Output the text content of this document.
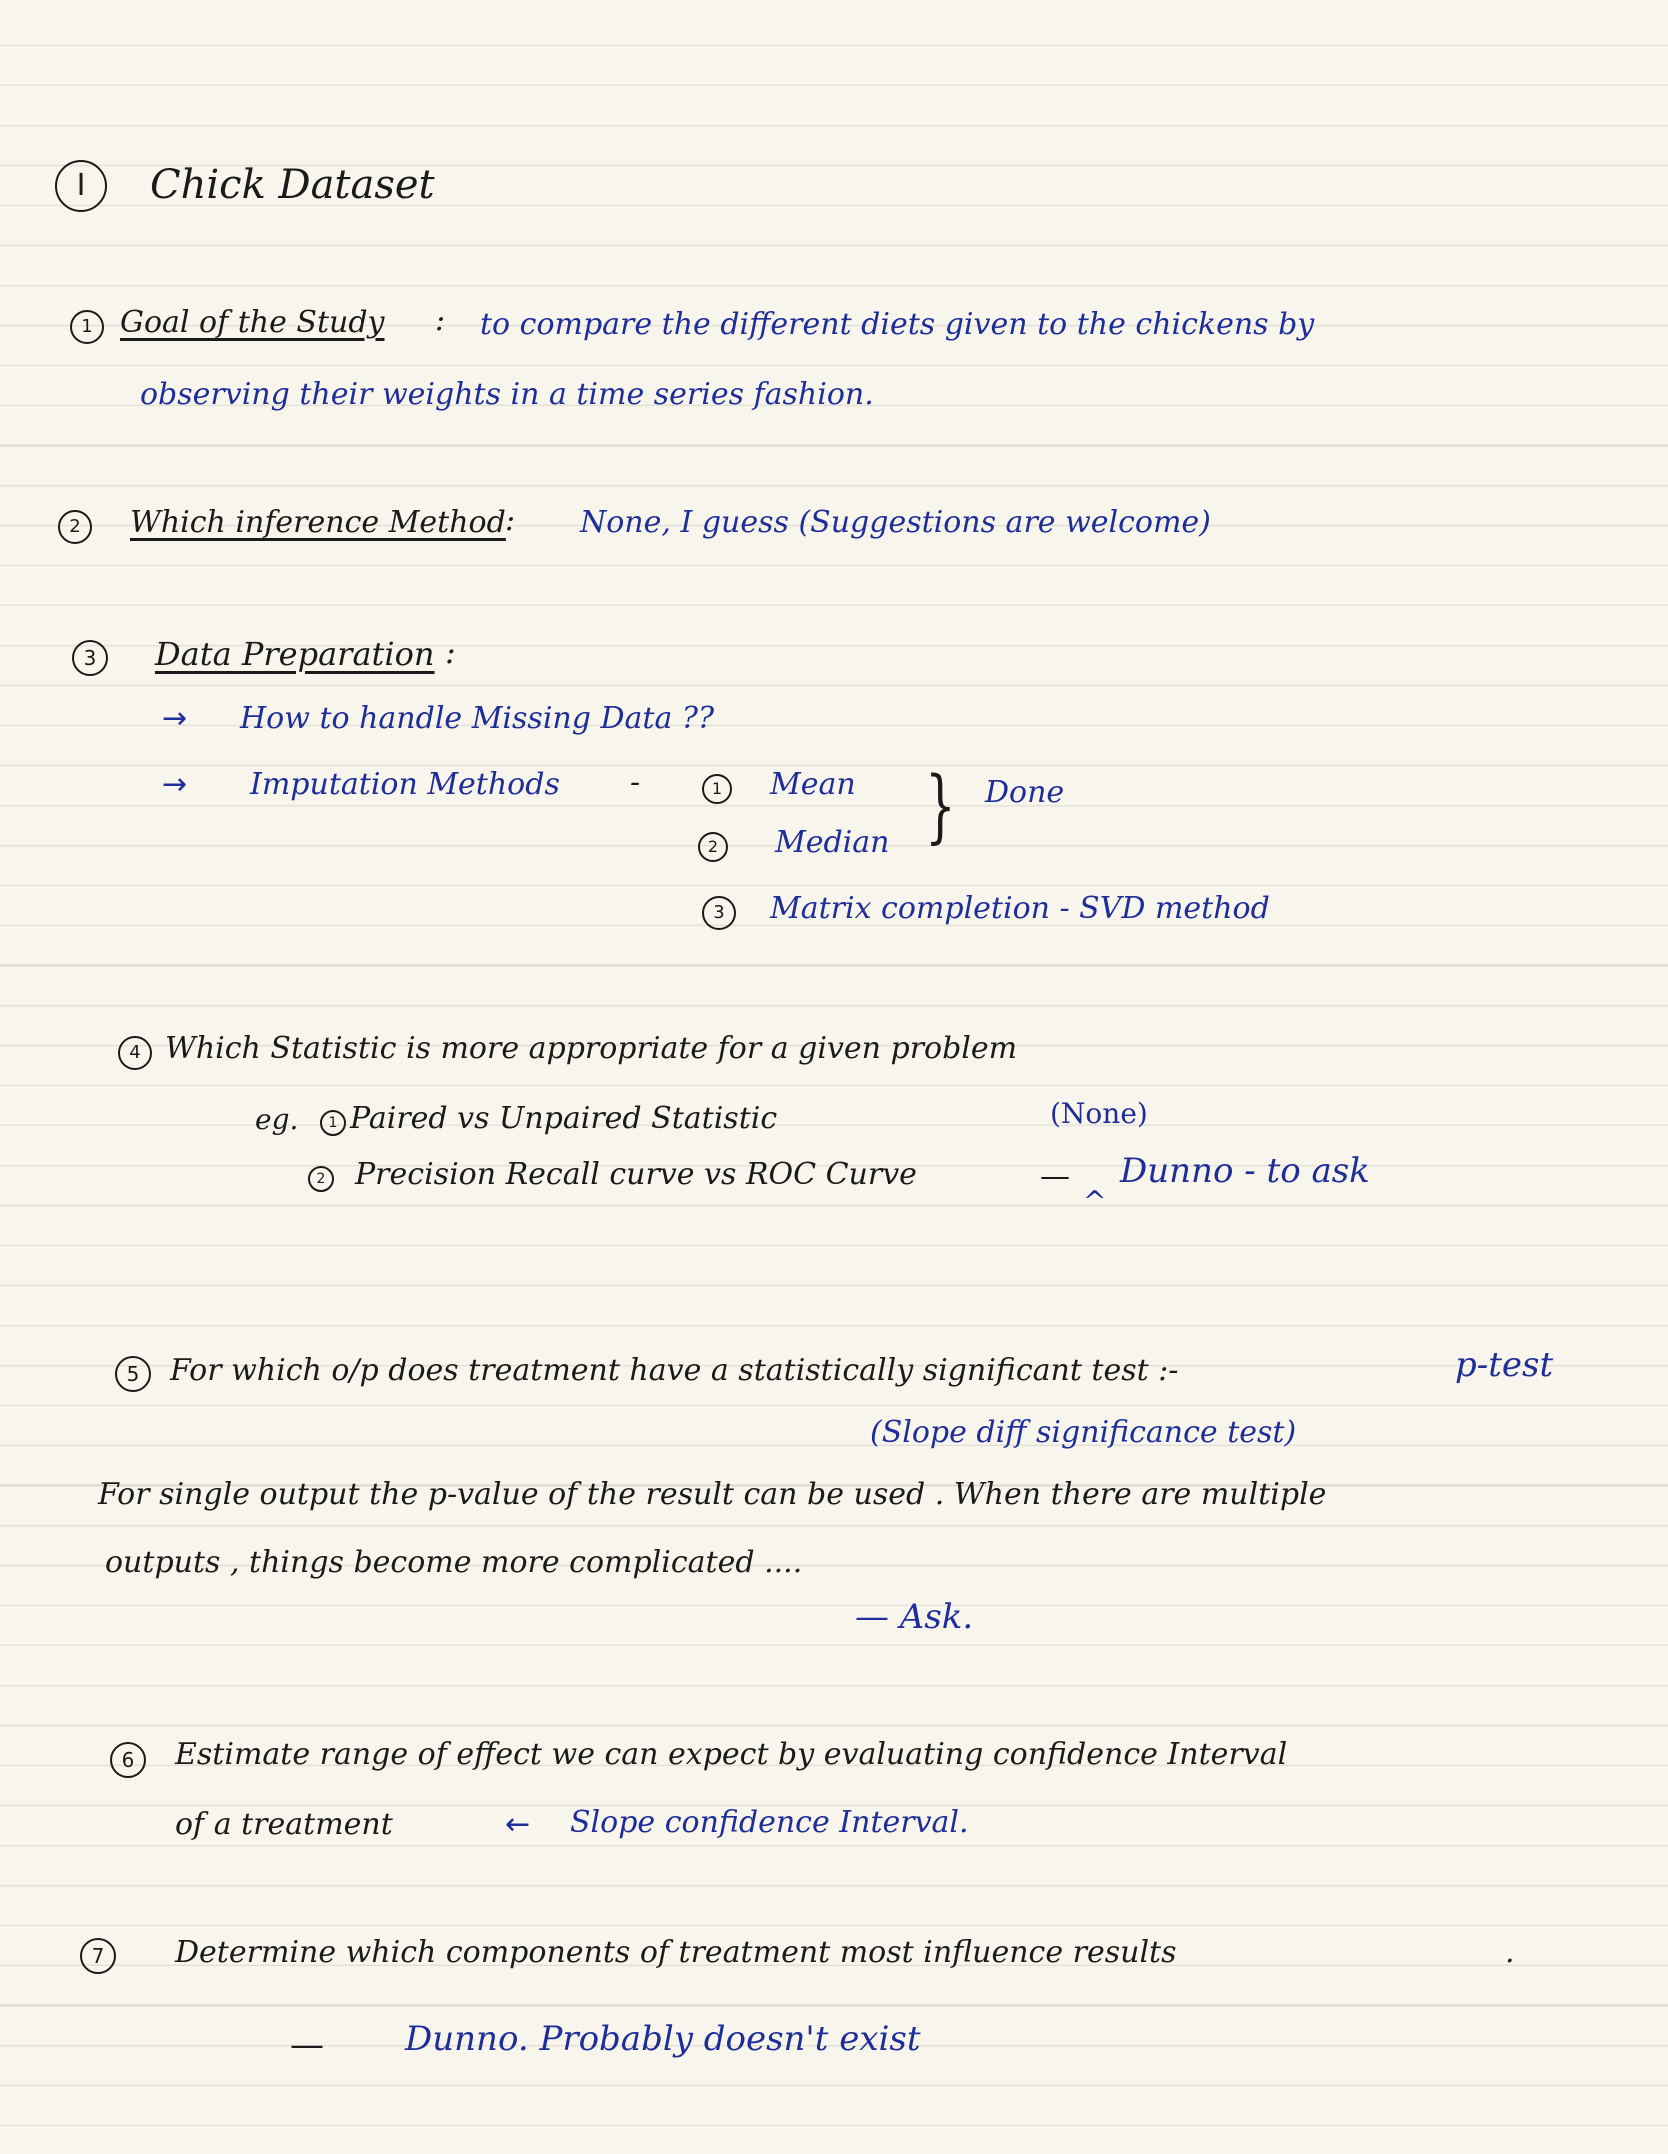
I	Chick Dataset
1 Goal of the Study : to compare the different diets given to the chickens by
observing their weights in a time series fashion.
2	Which inference Method : None, I guess (Suggestions are welcome)
3	Data Preparation :
→ How to handle Missing Data ??
→ Imputation Methods -	1	Mean
2	Median
3	Matrix completion - SVD method
} Done
4 Which Statistic is more appropriate for a given problem
eg.	1 Paired vs Unpaired Statistic
2 Precision Recall curve vs ROC Curve
(None)
—
^
Dunno - to ask
5	For which o/p does treatment have a statistically significant test :-	p-test
(Slope diff significance test)
For single output the p-value of the result can be used . When there are multiple
outputs , things become more complicated ....
— Ask.
6	Estimate range of effect we can expect by evaluating confidence Interval
of a treatment	← Slope confidence Interval.
7	Determine which components of treatment most influence results	.
— Dunno. Probably doesn't exist
